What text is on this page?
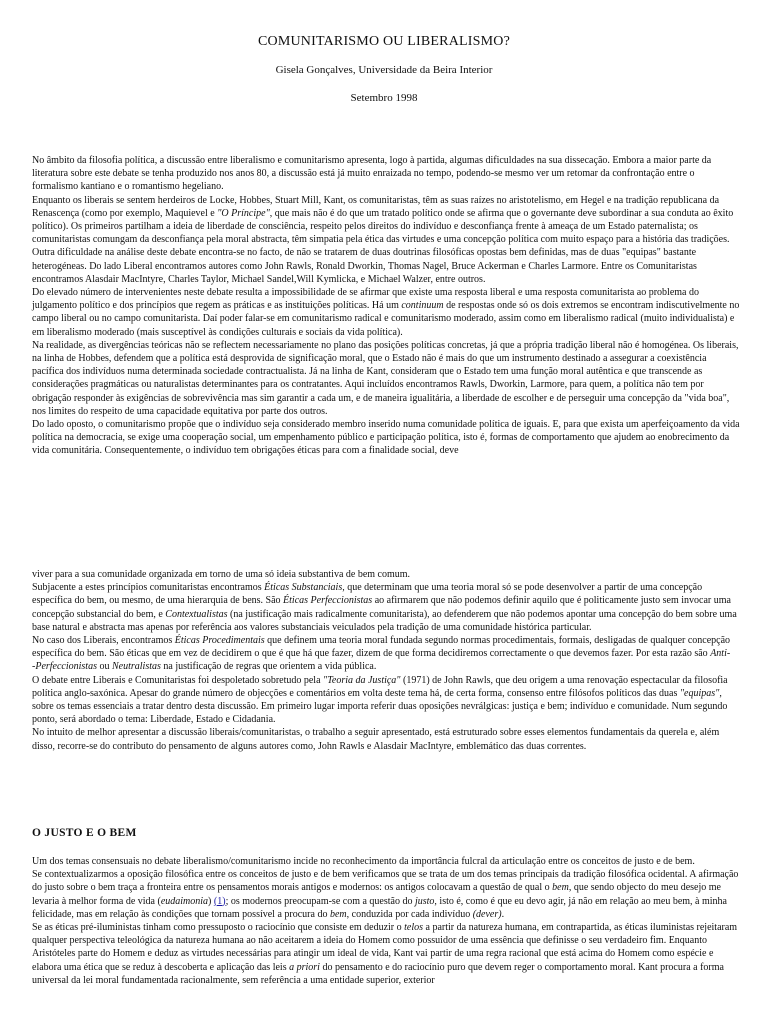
COMUNITARISMO OU LIBERALISMO?
Gisela Gonçalves, Universidade da Beira Interior
Setembro 1998

No âmbito da filosofia política, a discussão entre liberalismo e comunitarismo apresenta, logo à partida, algumas dificuldades na sua dissecação. Embora a maior parte da literatura sobre este debate se tenha produzido nos anos 80, a discussão está já muito enraizada no tempo, podendo-se mesmo ver um retomar da confrontação entre o formalismo kantiano e o romantismo hegeliano.

Enquanto os liberais se sentem herdeiros de Locke, Hobbes, Stuart Mill, Kant, os comunitaristas, têm as suas raízes no aristotelismo, em Hegel e na tradição republicana da Renascença (como por exemplo, Maquievel e "O Príncipe", que mais não é do que um tratado político onde se afirma que o governante deve subordinar a sua conduta ao êxito político). Os primeiros partilham a ideia de liberdade de consciência, respeito pelos direitos do indivíduo e desconfiança frente à ameaça de um Estado paternalista; os comunitaristas comungam da desconfiança pela moral abstracta, têm simpatia pela ética das virtudes e uma concepção política com muito espaço para a história das tradições.

Outra dificuldade na análise deste debate encontra-se no facto, de não se tratarem de duas doutrinas filosóficas opostas bem definidas, mas de duas "equipas" bastante heterogéneas. Do lado Liberal encontramos autores como John Rawls, Ronald Dworkin, Thomas Nagel, Bruce Ackerman e Charles Larmore. Entre os Comunitaristas encontramos Alasdair MacIntyre, Charles Taylor, Michael Sandel,Will Kymlicka, e Michael Walzer, entre outros.

Do elevado número de intervenientes neste debate resulta a impossibilidade de se afirmar que existe uma resposta liberal e uma resposta comunitarista ao problema do julgamento político e dos princípios que regem as práticas e as instituições políticas. Há um continuum de respostas onde só os dois extremos se encontram indiscutivelmente no campo liberal ou no campo comunitarista. Daí poder falar-se em comunitarismo radical e comunitarismo moderado, assim como em liberalismo radical (muito individualista) e em liberalismo moderado (mais susceptível às condições culturais e sociais da vida política).

Na realidade, as divergências teóricas não se reflectem necessariamente no plano das posições políticas concretas, já que a própria tradição liberal não é homogénea. Os liberais, na linha de Hobbes, defendem que a política está desprovida de significação moral, que o Estado não é mais do que um instrumento destinado a assegurar a coexistência pacífica dos indivíduos numa determinada sociedade contractualista. Já na linha de Kant, consideram que o Estado tem uma função moral autêntica e que transcende as considerações pragmáticas ou naturalistas determinantes para os contratantes. Aqui incluídos encontramos Rawls, Dworkin, Larmore, para quem, a política não tem por obrigação responder às exigências de sobrevivência mas sim garantir a cada um, e de maneira igualitária, a liberdade de escolher e de perseguir uma concepção da "vida boa", nos limites do respeito de uma capacidade equitativa por parte dos outros.

Do lado oposto, o comunitarismo propõe que o indivíduo seja considerado membro inserido numa comunidade política de iguais. E, para que exista um aperfeiçoamento da vida política na democracia, se exige uma cooperação social, um empenhamento público e participação política, isto é, formas de comportamento que ajudem ao enobrecimento da vida comunitária. Consequentemente, o indivíduo tem obrigações éticas para com a finalidade social, deve

viver para a sua comunidade organizada em torno de uma só ideia substantiva de bem comum.

Subjacente a estes princípios comunitaristas encontramos Éticas Substanciais, que determinam que uma teoria moral só se pode desenvolver a partir de uma concepção específica do bem, ou mesmo, de uma hierarquia de bens. São Éticas Perfeccionistas ao afirmarem que não podemos definir aquilo que é politicamente justo sem invocar uma concepção substancial do bem, e Contextualistas (na justificação mais radicalmente comunitarista), ao defenderem que não podemos apontar uma concepção do bem sobre uma base natural e abstracta mas apenas por referência aos valores substanciais veiculados pela tradição de uma comunidade histórica particular.

No caso dos Liberais, encontramos Éticas Procedimentais que definem uma teoria moral fundada segundo normas procedimentais, formais, desligadas de qualquer concepção específica do bem. São éticas que em vez de decidirem o que é que há que fazer, dizem de que forma decidiremos correctamente o que devemos fazer. Por esta razão são Anti-
-Perfeccionistas ou Neutralistas na justificação de regras que orientem a vida pública.

O debate entre Liberais e Comunitaristas foi despoletado sobretudo pela "Teoria da Justiça" (1971) de John Rawls, que deu origem a uma renovação espectacular da filosofia política anglo-saxónica. Apesar do grande número de objecções e comentários em volta deste tema há, de certa forma, consenso entre filósofos políticos das duas "equipas", sobre os temas essenciais a tratar dentro desta discussão. Em primeiro lugar importa referir duas oposições nevrálgicas: justiça e bem; indivíduo e comunidade. Num segundo ponto, será abordado o tema: Liberdade, Estado e Cidadania.

No intuito de melhor apresentar a discussão liberais/comunitaristas, o trabalho a seguir apresentado, está estruturado sobre esses elementos fundamentais da querela e, além disso, recorre-se do contributo do pensamento de alguns autores como, John Rawls e Alasdair MacIntyre, emblemático das duas correntes.

O JUSTO E O BEM

Um dos temas consensuais no debate liberalismo/comunitarismo incide no reconhecimento da importância fulcral da articulação entre os conceitos de justo e de bem.

Se contextualizarmos a oposição filosófica entre os conceitos de justo e de bem verificamos que se trata de um dos temas principais da tradição filosófica ocidental. A afirmação do justo sobre o bem traça a fronteira entre os pensamentos morais antigos e modernos: os antigos colocavam a questão de qual o bem, que sendo objecto do meu desejo me levaria à melhor forma de vida (eudaimonia) (1); os modernos preocupam-se com a questão do justo, isto é, como é que eu devo agir, já não em relação ao meu bem, à minha felicidade, mas em relação às condições que tornam possível a procura do bem, conduzida por cada indivíduo (dever).

Se as éticas pré-iluministas tinham como pressuposto o raciocínio que consiste em deduzir o telos a partir da natureza humana, em contrapartida, as éticas iluministas rejeitaram qualquer perspectiva teleológica da natureza humana ao não aceitarem a ideia do Homem como possuidor de uma essência que definisse o seu verdadeiro fim. Enquanto Aristóteles parte do Homem e deduz as virtudes necessárias para atingir um ideal de vida, Kant vai partir de uma regra racional que está acima do Homem como espécie e elabora uma ética que se reduz à descoberta e aplicação das leis a priori do pensamento e do raciocínio puro que devem reger o comportamento moral. Kant procura a forma universal da lei moral fundamentada racionalmente, sem referência a uma entidade superior, exterior
